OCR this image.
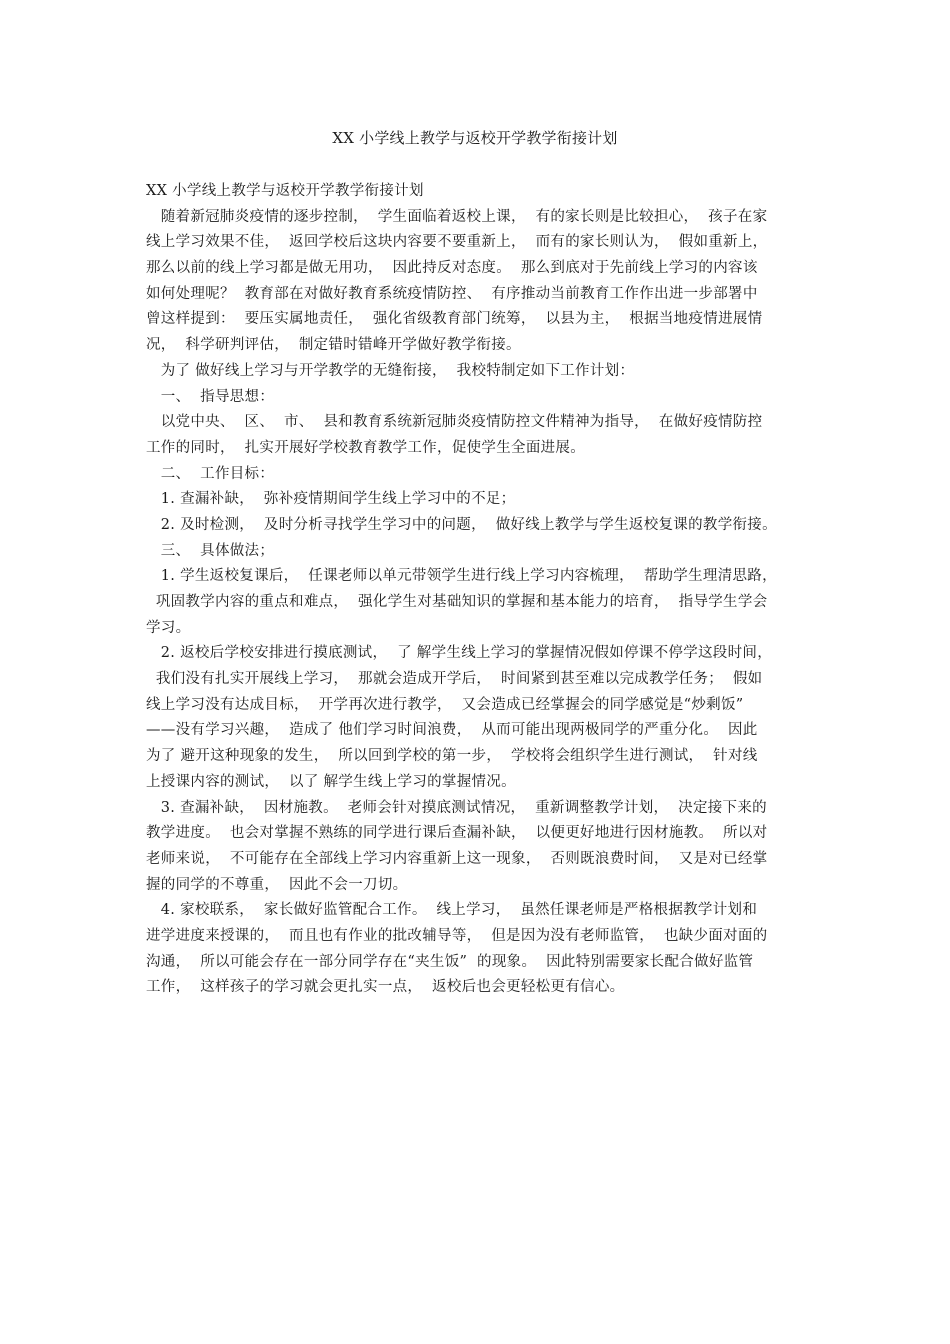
XX 小学线上教学与返校开学教学衔接计划
XX 小学线上教学与返校开学教学衔接计划
随着新冠肺炎疫情的逐步控制，  学生面临着返校上课，  有的家长则是比较担心，  孩子在家
线上学习效果不佳，  返回学校后这块内容要不要重新上，  而有的家长则认为，  假如重新上，
那么以前的线上学习都是做无用功，  因此持反对态度。  那么到底对于先前线上学习的内容该
如何处理呢？  教育部在对做好教育系统疫情防控、  有序推动当前教育工作作出进一步部署中
曾这样提到：  要压实属地责任，  强化省级教育部门统筹，  以县为主，  根据当地疫情进展情
况，  科学研判评估，  制定错时错峰开学做好教学衔接。
为了 做好线上学习与开学教学的无缝衔接，  我校特制定如下工作计划：
一、  指导思想：
以党中央、  区、  市、  县和教育系统新冠肺炎疫情防控文件精神为指导，  在做好疫情防控
工作的同时，  扎实开展好学校教育教学工作，促使学生全面进展。
二、  工作目标：
1. 查漏补缺，  弥补疫情期间学生线上学习中的不足；
2. 及时检测，  及时分析寻找学生学习中的问题，  做好线上教学与学生返校复课的教学衔接。
三、  具体做法；
1. 学生返校复课后，  任课老师以单元带领学生进行线上学习内容梳理，  帮助学生理清思路，
巩固教学内容的重点和难点，  强化学生对基础知识的掌握和基本能力的培育，  指导学生学会
学习。
2. 返校后学校安排进行摸底测试，  了 解学生线上学习的掌握情况假如停课不停学这段时间，
我们没有扎实开展线上学习，  那就会造成开学后，  时间紧到甚至难以完成教学任务；  假如
线上学习没有达成目标，  开学再次进行教学，  又会造成已经掌握会的同学感觉是“炒剩饭”
——没有学习兴趣，  造成了 他们学习时间浪费，  从而可能出现两极同学的严重分化。  因此
为了 避开这种现象的发生，  所以回到学校的第一步，  学校将会组织学生进行测试，  针对线
上授课内容的测试，  以了 解学生线上学习的掌握情况。
3. 查漏补缺，  因材施教。  老师会针对摸底测试情况，  重新调整教学计划，  决定接下来的
教学进度。  也会对掌握不熟练的同学进行课后查漏补缺，  以便更好地进行因材施教。  所以对
老师来说，  不可能存在全部线上学习内容重新上这一现象，  否则既浪费时间，  又是对已经掌
握的同学的不尊重，  因此不会一刀切。
4. 家校联系，  家长做好监管配合工作。  线上学习，  虽然任课老师是严格根据教学计划和
进学进度来授课的，  而且也有作业的批改辅导等，  但是因为没有老师监管，  也缺少面对面的
沟通，  所以可能会存在一部分同学存在“夹生饭”  的现象。  因此特别需要家长配合做好监管
工作，  这样孩子的学习就会更扎实一点，  返校后也会更轻松更有信心。
